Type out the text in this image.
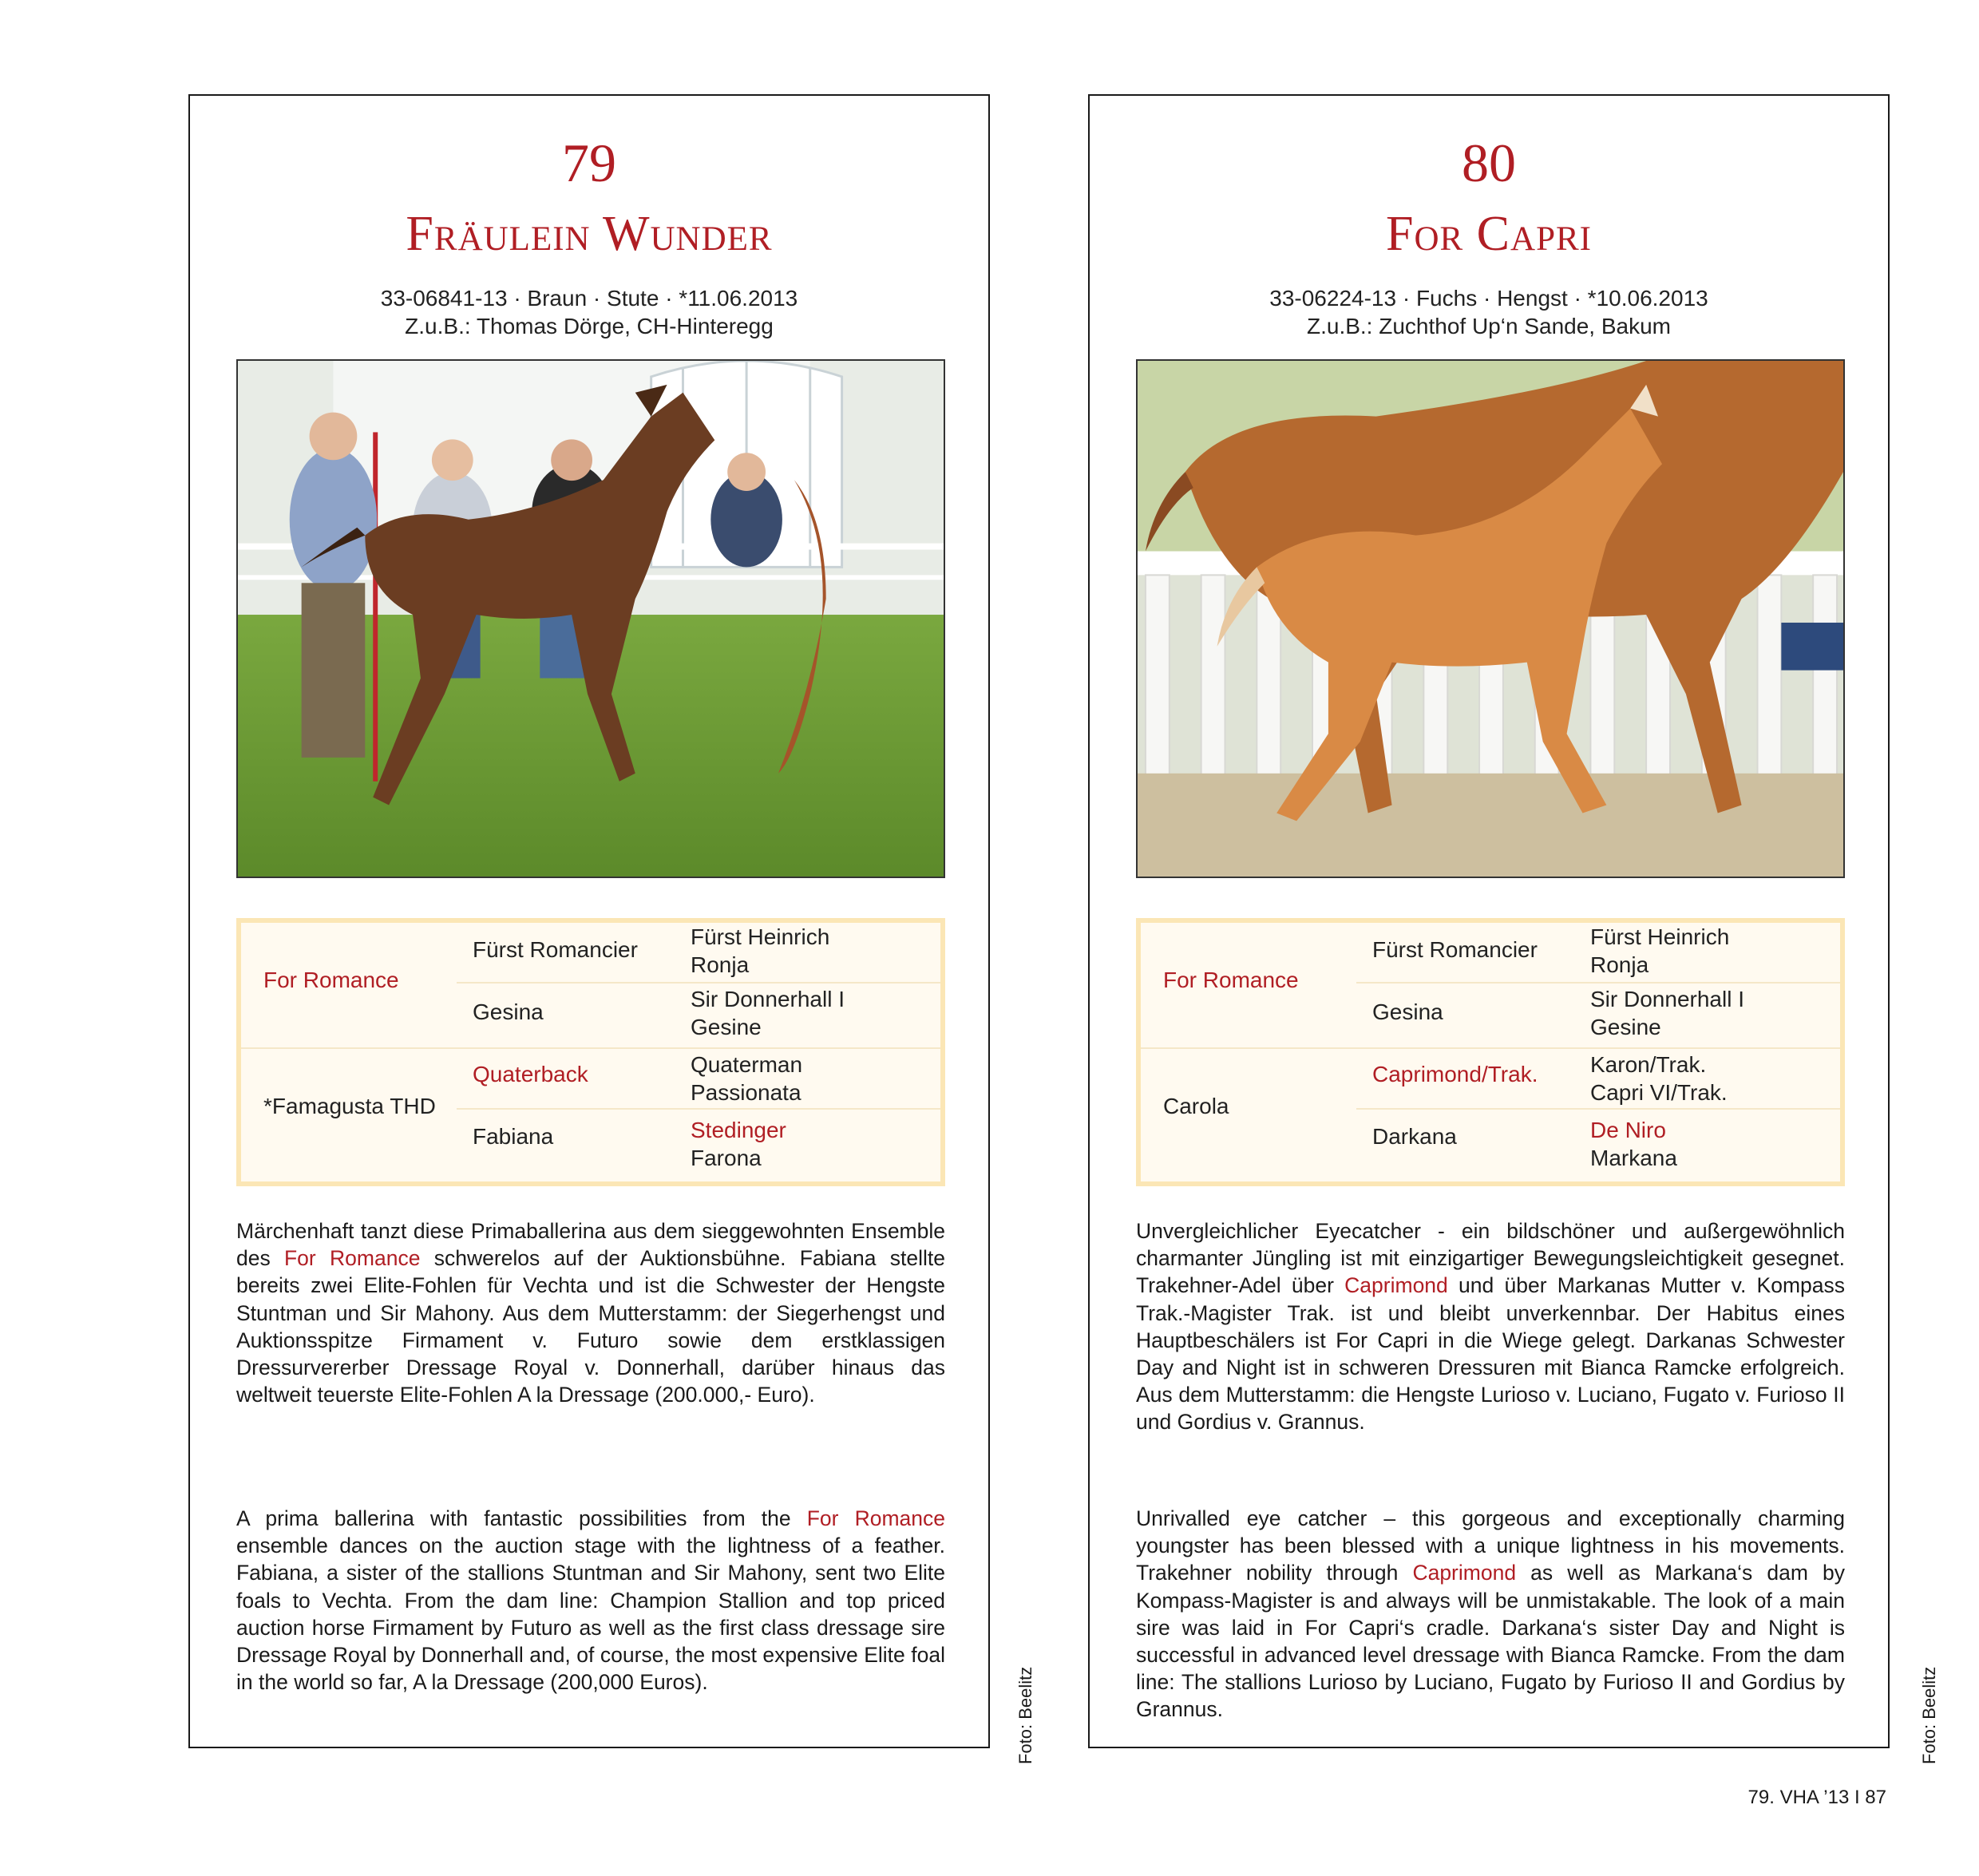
79
Fräulein Wunder
33-06841-13 · Braun · Stute · *11.06.2013
Z.u.B.: Thomas Dörge, CH-Hinteregg
For Romance
*Famagusta THD
Fürst Romancier
Gesina
Quaterback
Fabiana
Fürst Heinrich
Ronja
Sir Donnerhall I
Gesine
Quaterman
Passionata
Stedinger
Farona

Märchenhaft tanzt diese Primaballerina aus dem sieggewohnten Ensemble des

For Romance

schwerelos auf der Auktionsbühne. Fabiana stellte bereits zwei Elite-Fohlen für Vechta und ist die Schwester der Hengste Stuntman und Sir Mahony. Aus dem Mutterstamm: der Siegerhengst und Auktionsspitze Firmament v. Futuro sowie dem erstklassigen Dressurvererber Dressage Royal v. Donnerhall, darüber hinaus das weltweit teuerste Elite-Fohlen A la Dressage (200.000,- Euro).

A prima ballerina with fantastic possibilities from the

For Romance

ensemble dances on the auction stage with the lightness of a feather. Fabiana, a sister of the stallions Stuntman and Sir Mahony, sent two Elite foals to Vechta. From the dam line: Champion Stallion and top priced auction horse Firmament by Futuro as well as the first class dressage sire Dressage Royal by Donnerhall and, of course, the most expensive Elite foal in the world so far, A la Dressage (200,000 Euros).

80
For Capri
33-06224-13 · Fuchs · Hengst · *10.06.2013
Z.u.B.: Zuchthof Up‘n Sande, Bakum
For Romance
Carola
Fürst Romancier
Gesina
Caprimond/Trak.
Darkana
Fürst Heinrich
Ronja
Sir Donnerhall I
Gesine
Karon/Trak.
Capri VI/Trak.
De Niro
Markana

Unvergleichlicher Eyecatcher - ein bildschöner und außergewöhnlich charmanter Jüngling ist mit einzigartiger Bewegungsleichtigkeit gesegnet. Trakehner-Adel über

Caprimond

und über Markanas Mutter v. Kompass Trak.-Magister Trak. ist und bleibt unverkennbar. Der Habitus eines Hauptbeschälers ist For Capri in die Wiege gelegt. Darkanas Schwester Day and Night ist in schweren Dressuren mit Bianca Ramcke erfolgreich. Aus dem Mutterstamm: die Hengste Lurioso v. Luciano, Fugato v. Furioso II und Gordius v. Grannus.

Unrivalled eye catcher – this gorgeous and exceptionally charming youngster has been blessed with a unique lightness in his movements. Trakehner nobility through

Caprimond

as well as Markana‘s dam by Kompass-Magister is and always will be unmistakable. The look of a main sire was laid in For Capri‘s cradle. Darkana‘s sister Day and Night is successful in advanced level dressage with Bianca Ramcke. From the dam line: The stallions Lurioso by Luciano, Fugato by Furioso II and Gordius by Grannus.

Foto: Beelitz	Foto: Beelitz
79. VHA ’13 I 87
